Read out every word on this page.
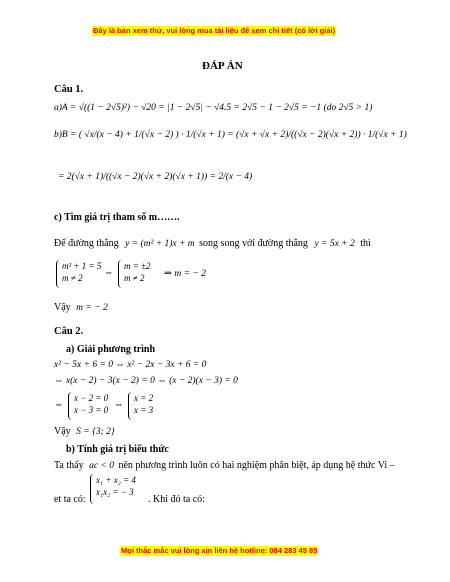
Đây là bản xem thử, vui lòng mua tài liệu để xem chi tiết (có lời giải)
ĐÁP ÁN
Câu 1.
a)A = √((1 − 2√5)²) − √20 = |1 − 2√5| − √4.5 = 2√5 − 1 − 2√5 = −1 (do 2√5 > 1)
b)B = ( √x/(x − 4) + 1/(√x − 2) ) · 1/(√x + 1) = (√x + √x + 2)/((√x − 2)(√x + 2)) · 1/(√x + 1)
= 2(√x + 1)/((√x − 2)(√x + 2)(√x + 1)) = 2/(x − 4)
c) Tìm giá trị tham số m…….
Để đường thẳng y = (m² + 1)x + m song song với đường thẳng y = 5x + 2 thì
m² + 1 = 5
m ≠ 2	⇔
m = ±2
m ≠ 2	⇒ m = − 2
Vậy m = − 2
Câu 2.
a) Giải phương trình
x² − 5x + 6 = 0 ⇔ x² − 2x − 3x + 6 = 0
⇔ x(x − 2) − 3(x − 2) = 0 ⇔ (x − 2)(x − 3) = 0
⇔
x − 2 = 0
x − 3 = 0 ⇔
x = 2
x = 3
Vậy S = {3; 2}
b) Tính giá trị biểu thức
Ta thấy ac < 0 nên phương trình luôn có hai nghiệm phân biệt, áp dụng hệ thức Vi –
et ta có:
x₁ + x₂ = 4
x₁x₂ = − 3
. Khi đó ta có:
Mọi thắc mắc vui lòng xin liên hệ hotline: 084 283 45 85
